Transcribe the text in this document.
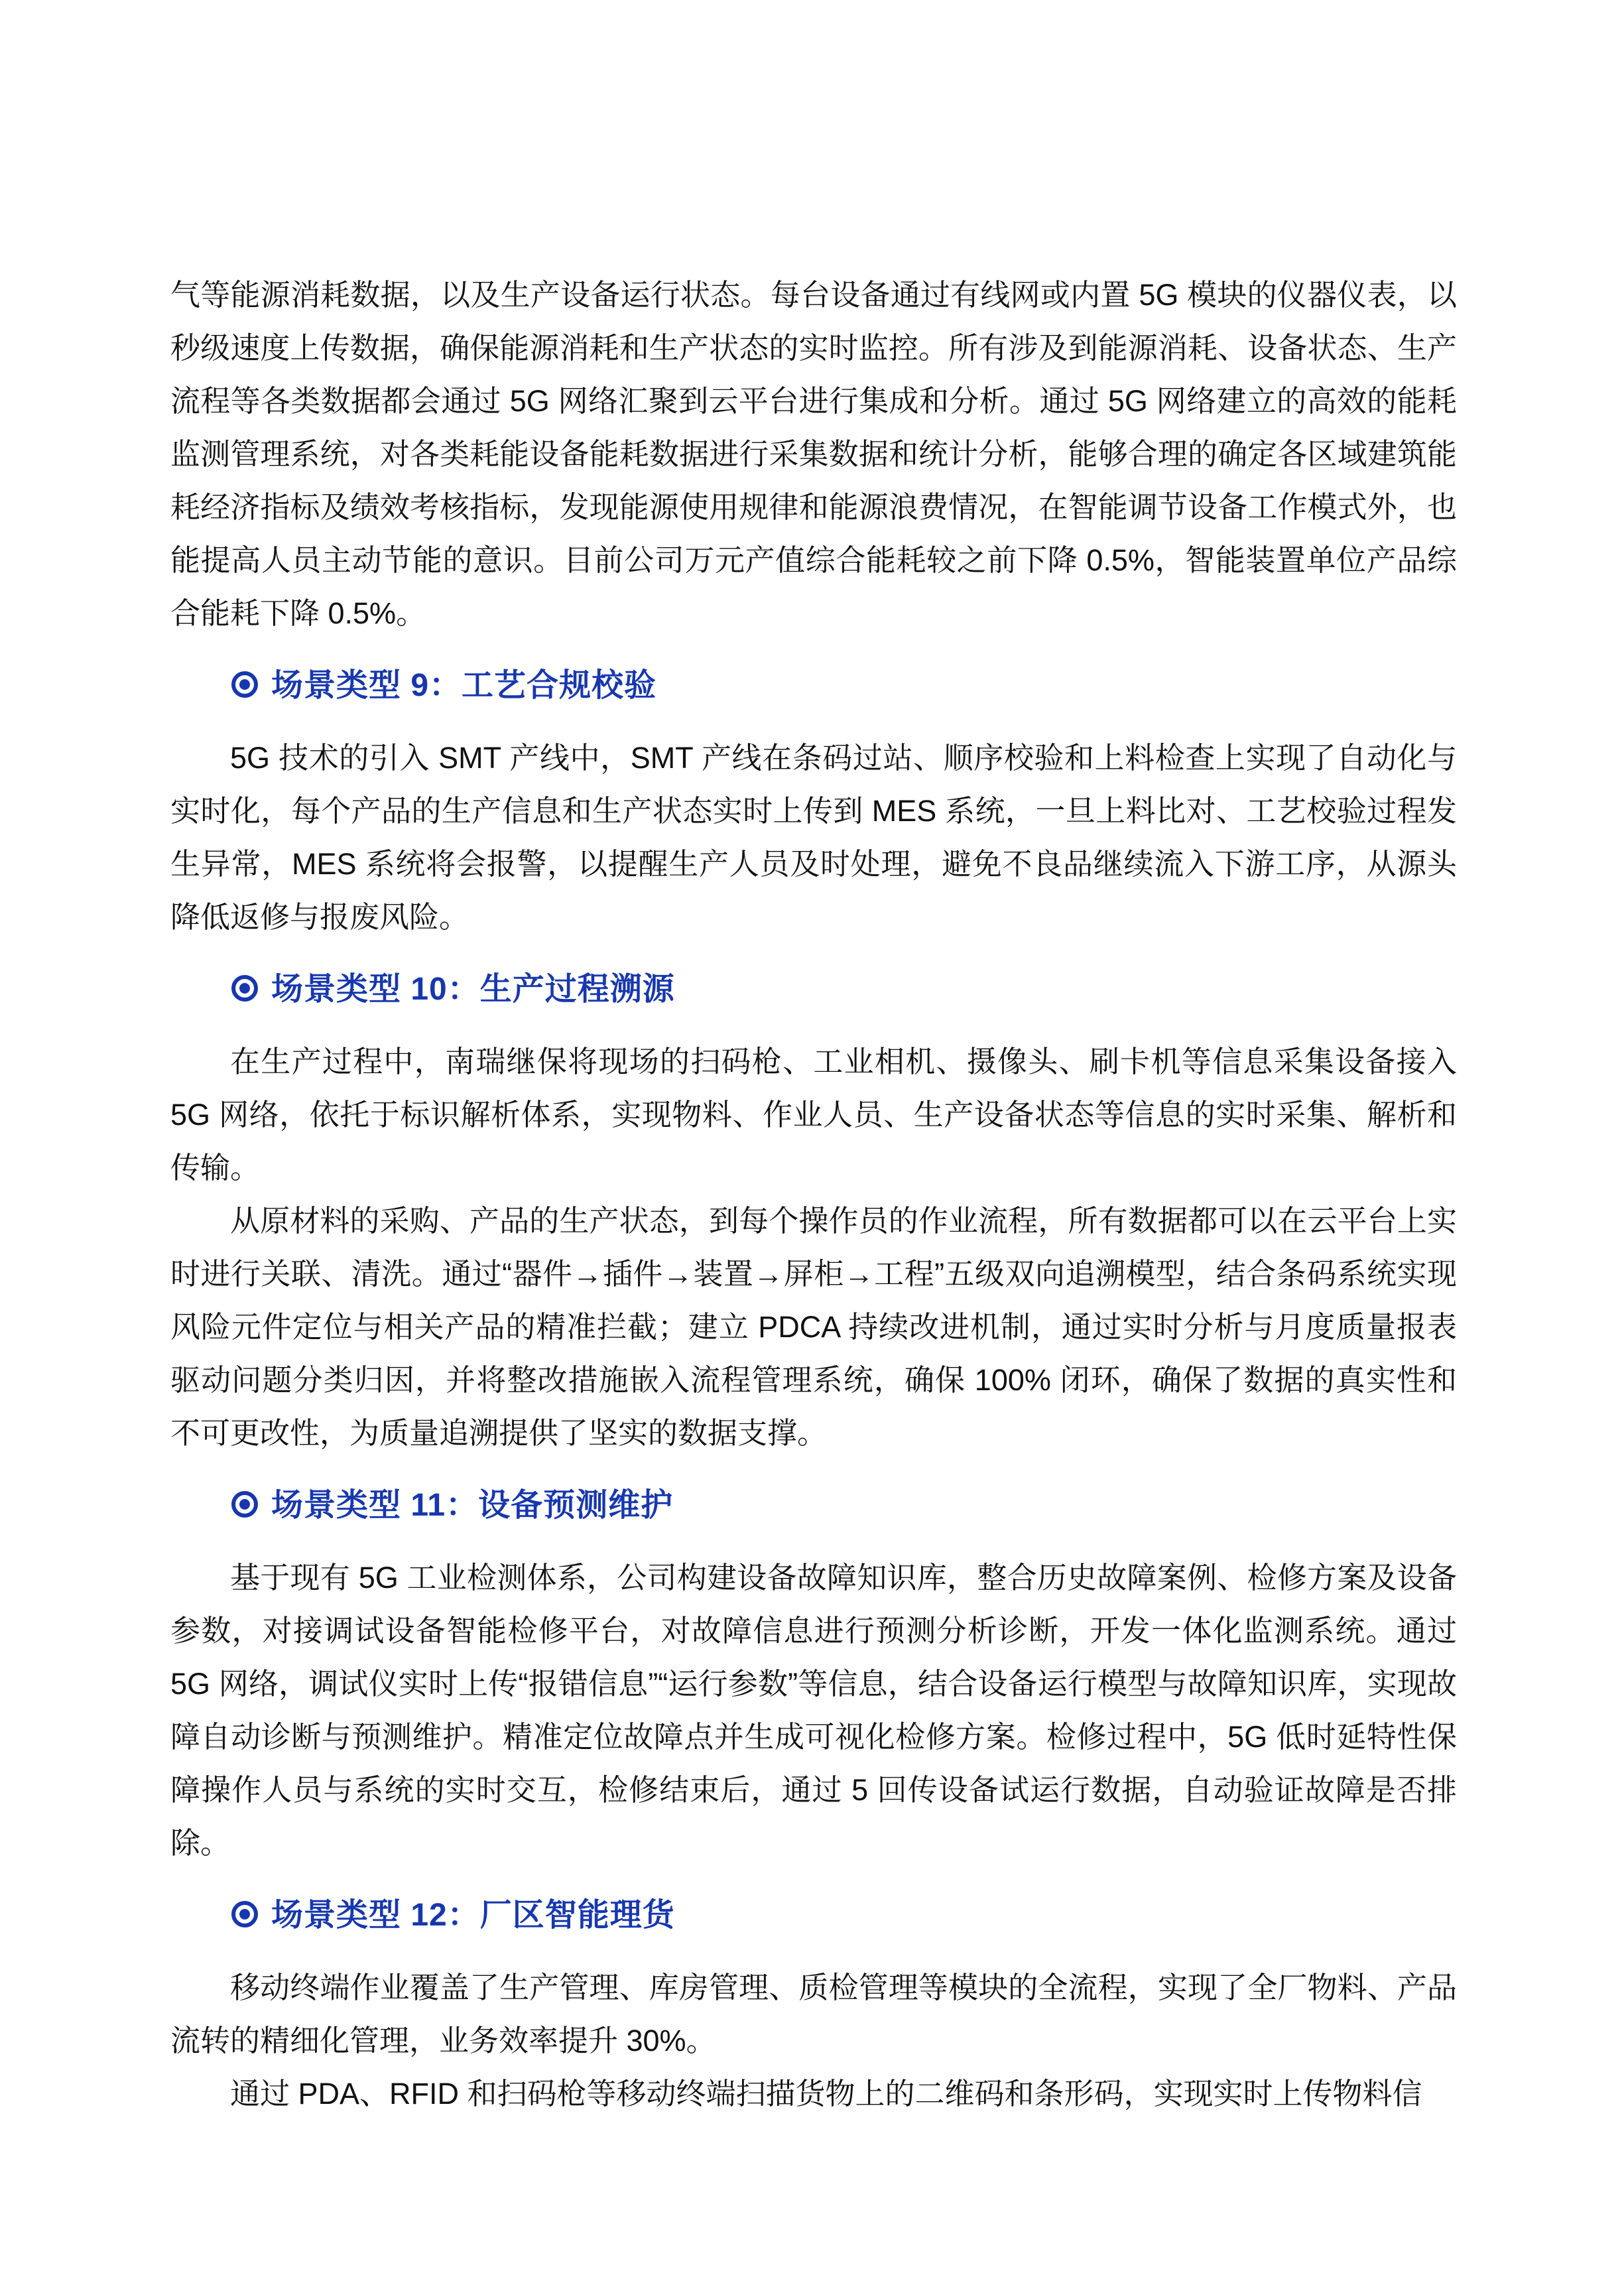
气等能源消耗数据，以及生产设备运行状态。每台设备通过有线网或内置 5G 模块的仪器仪表，以秒级速度上传数据，确保能源消耗和生产状态的实时监控。所有涉及到能源消耗、设备状态、生产流程等各类数据都会通过 5G 网络汇聚到云平台进行集成和分析。通过 5G 网络建立的高效的能耗监测管理系统，对各类耗能设备能耗数据进行采集数据和统计分析，能够合理的确定各区域建筑能耗经济指标及绩效考核指标，发现能源使用规律和能源浪费情况，在智能调节设备工作模式外，也能提高人员主动节能的意识。目前公司万元产值综合能耗较之前下降 0.5%，智能装置单位产品综合能耗下降 0.5%。

场景类型 9：工艺合规校验

5G 技术的引入 SMT 产线中，SMT 产线在条码过站、顺序校验和上料检查上实现了自动化与实时化，每个产品的生产信息和生产状态实时上传到 MES 系统，一旦上料比对、工艺校验过程发生异常，MES 系统将会报警，以提醒生产人员及时处理，避免不良品继续流入下游工序，从源头降低返修与报废风险。

场景类型 10：生产过程溯源

在生产过程中，南瑞继保将现场的扫码枪、工业相机、摄像头、刷卡机等信息采集设备接入 5G 网络，依托于标识解析体系，实现物料、作业人员、生产设备状态等信息的实时采集、解析和传输。

从原材料的采购、产品的生产状态，到每个操作员的作业流程，所有数据都可以在云平台上实时进行关联、清洗。通过“器件→插件→装置→屏柜→工程”五级双向追溯模型，结合条码系统实现风险元件定位与相关产品的精准拦截；建立 PDCA 持续改进机制，通过实时分析与月度质量报表驱动问题分类归因，并将整改措施嵌入流程管理系统，确保 100% 闭环，确保了数据的真实性和不可更改性，为质量追溯提供了坚实的数据支撑。

场景类型 11：设备预测维护

基于现有 5G 工业检测体系，公司构建设备故障知识库，整合历史故障案例、检修方案及设备参数，对接调试设备智能检修平台，对故障信息进行预测分析诊断，开发一体化监测系统。通过 5G 网络，调试仪实时上传“报错信息”“运行参数”等信息，结合设备运行模型与故障知识库，实现故障自动诊断与预测维护。精准定位故障点并生成可视化检修方案。检修过程中，5G 低时延特性保障操作人员与系统的实时交互，检修结束后，通过 5 回传设备试运行数据，自动验证故障是否排除。

场景类型 12：厂区智能理货

移动终端作业覆盖了生产管理、库房管理、质检管理等模块的全流程，实现了全厂物料、产品流转的精细化管理，业务效率提升 30%。

通过 PDA、RFID 和扫码枪等移动终端扫描货物上的二维码和条形码，实现实时上传物料信
